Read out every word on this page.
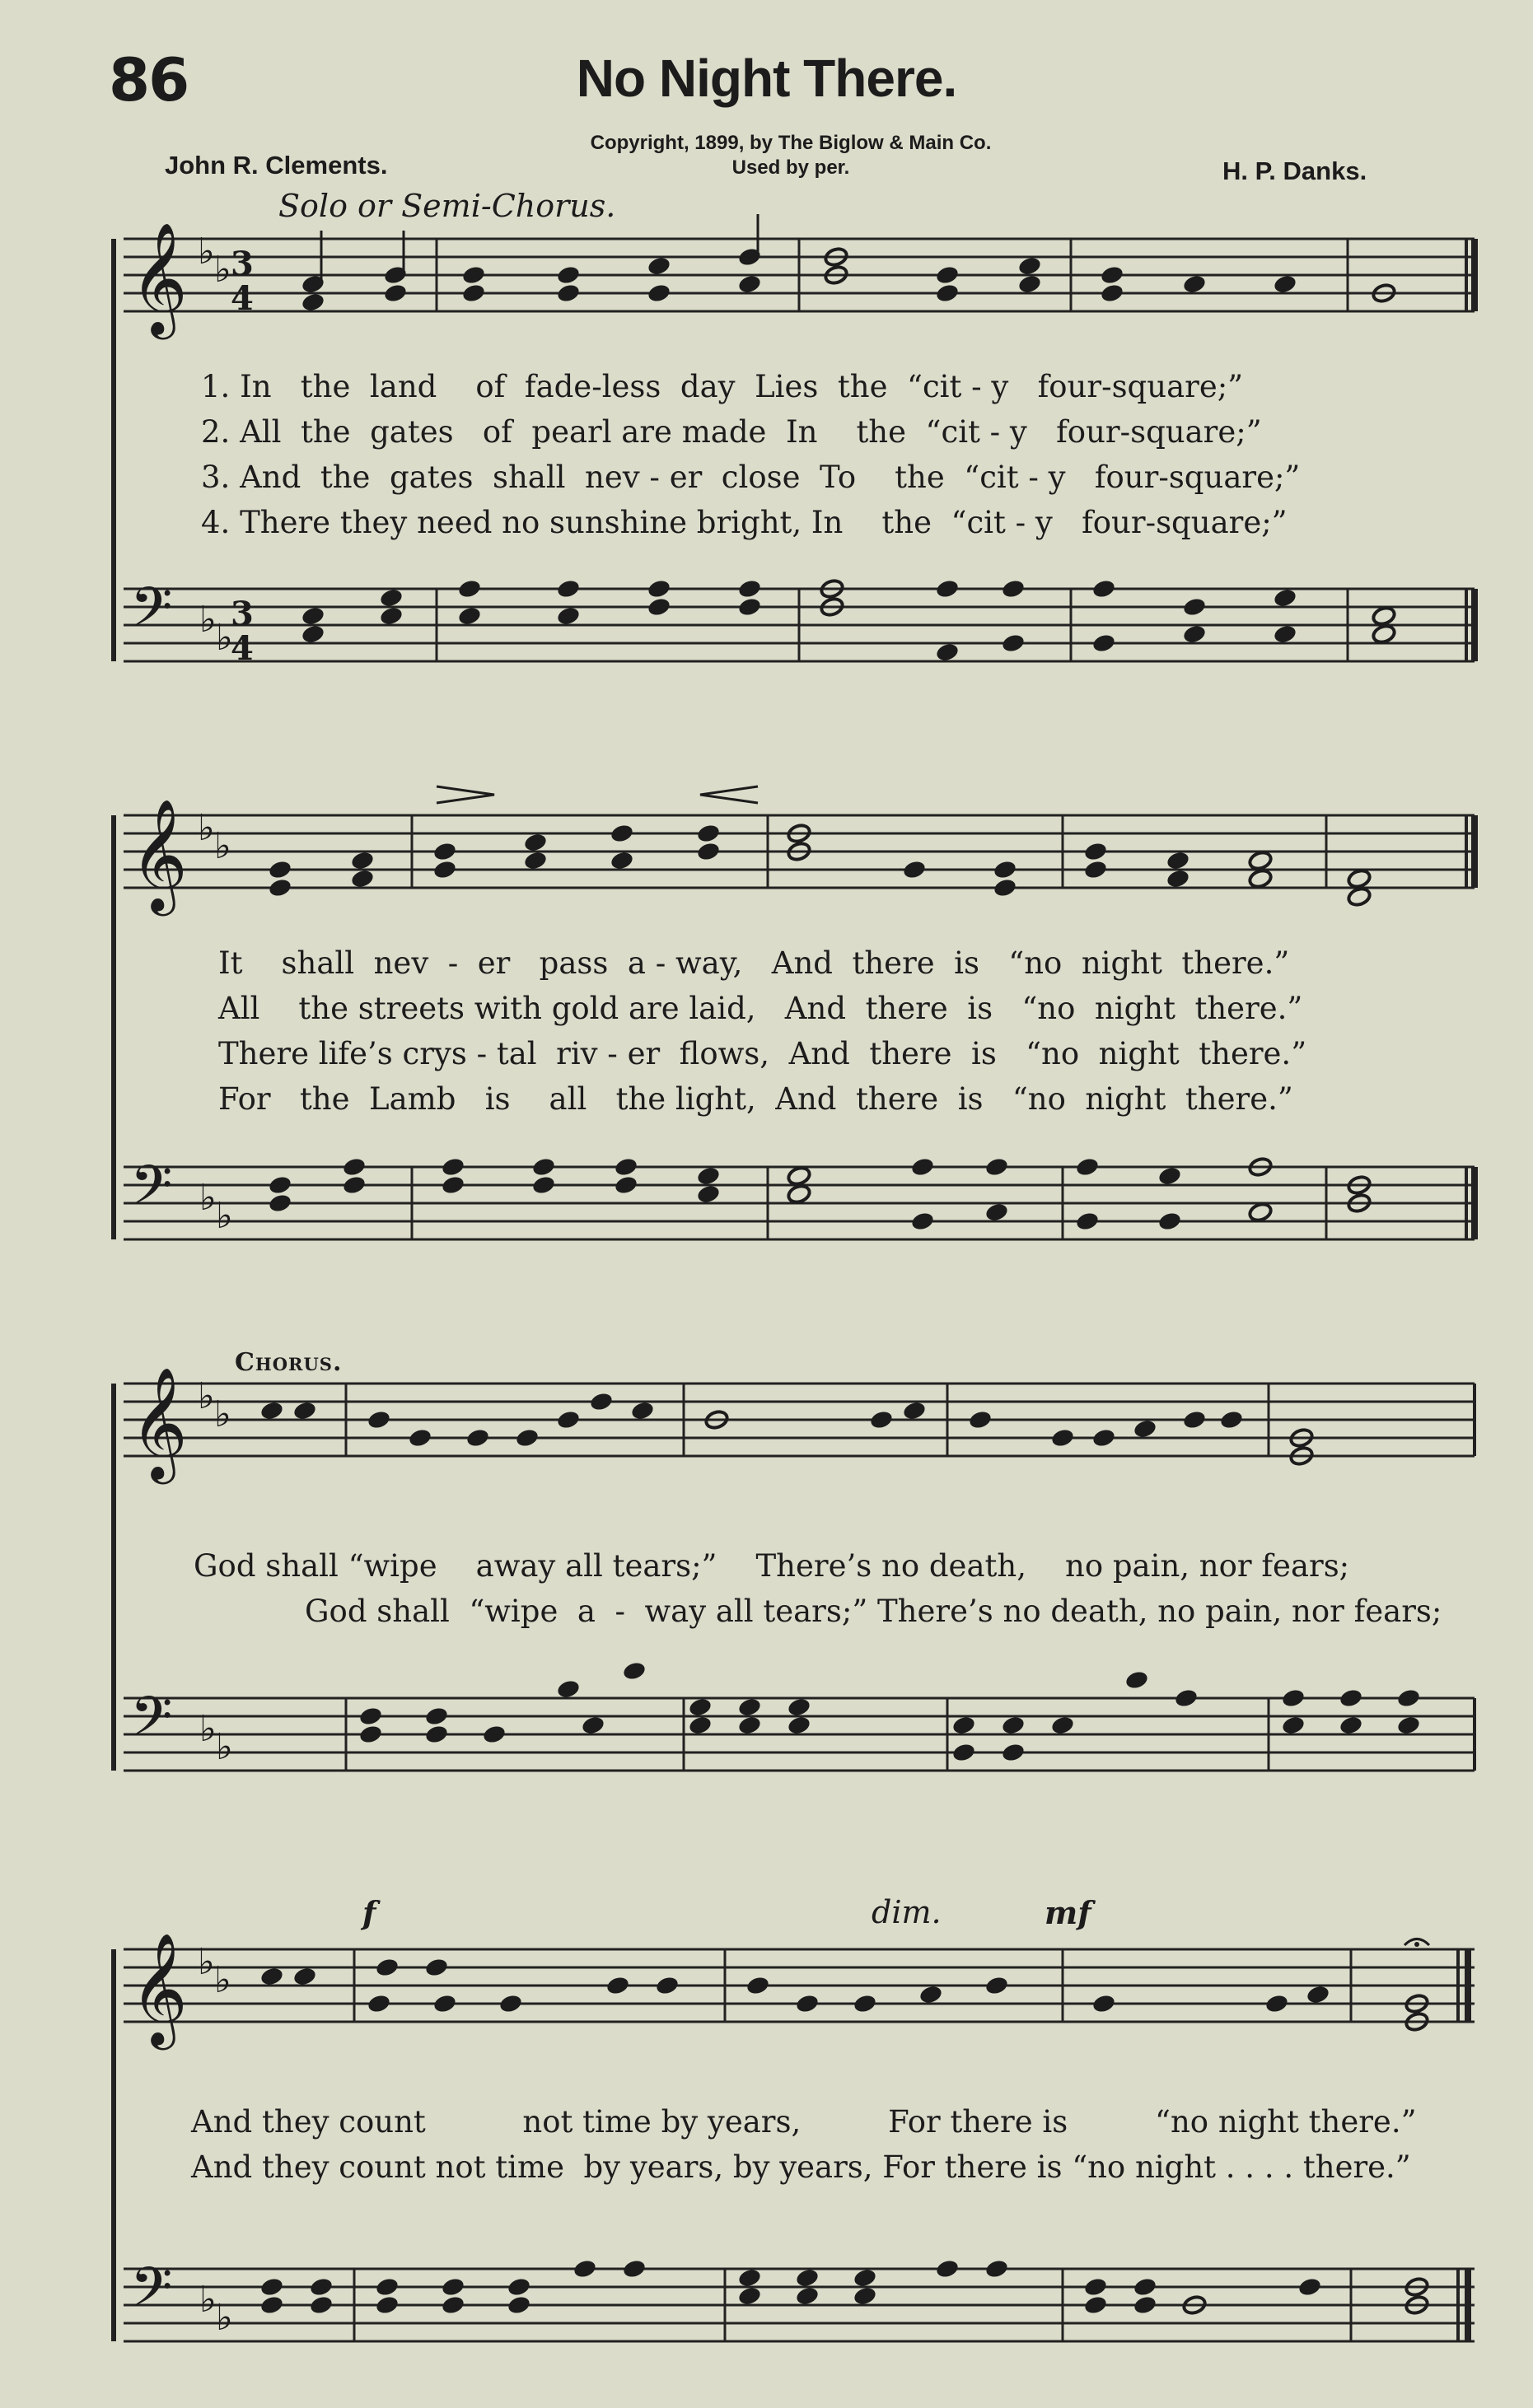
86	No Night There.
Copyright, 1899, by The Biglow & Main Co.
Used by per.
John R. Clements.	H. P. Danks.
Solo or Semi-Chorus.
𝄞 ♭ ♭ 3
4
𝄢 ♭ ♭
3
4
𝄞 ♭ ♭
𝄢 ♭ ♭
𝄞 ♭ ♭
𝄢 ♭ ♭
𝄞 ♭ ♭
𝄢 ♭ ♭
1. In   the  land    of  fade-less  day  Lies  the  “cit - y   four-square;”
2. All  the  gates   of  pearl are made  In    the  “cit - y   four-square;”
3. And  the  gates  shall  nev - er  close  To    the  “cit - y   four-square;”
4. There they need no sunshine bright, In    the  “cit - y   four-square;”
It    shall  nev  -  er   pass  a - way,   And  there  is   “no  night  there.”
All    the streets with gold are laid,   And  there  is   “no  night  there.”
There life’s crys - tal  riv - er  flows,  And  there  is   “no  night  there.”
For   the  Lamb   is    all   the light,  And  there  is   “no  night  there.”
Chorus.
God shall “wipe    away all tears;”    There’s no death,    no pain, nor fears;
God shall  “wipe  a  -  way all tears;” There’s no death, no pain, nor fears;
f	dim.	mf
And they count          not time by years,         For there is         “no night there.”
And they count not time  by years, by years, For there is “no night . . . . there.”
